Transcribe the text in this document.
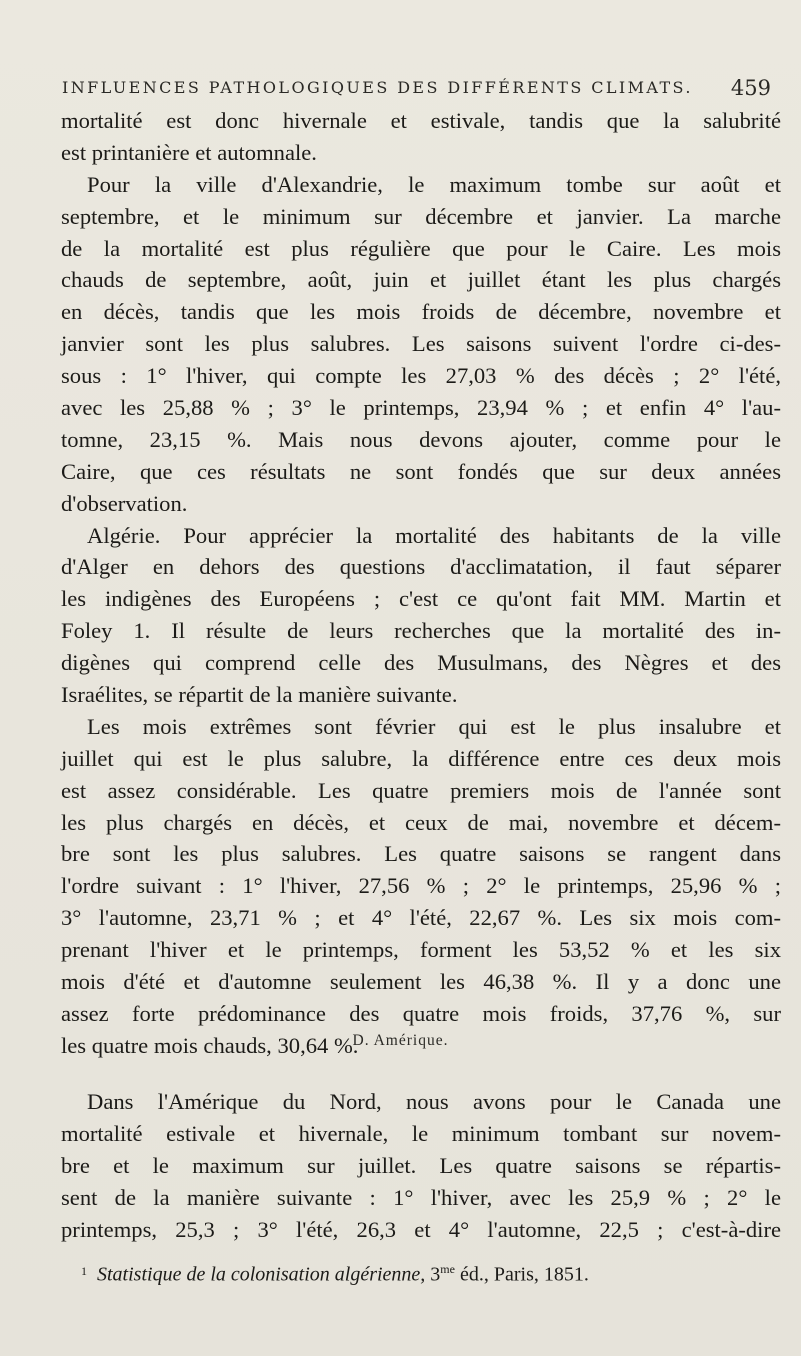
INFLUENCES PATHOLOGIQUES DES DIFFÉRENTS CLIMATS. 459
mortalité est donc hivernale et estivale, tandis que la salubrité
est printanière et automnale.
Pour la ville d'Alexandrie, le maximum tombe sur août et
septembre, et le minimum sur décembre et janvier. La marche
de la mortalité est plus régulière que pour le Caire. Les mois
chauds de septembre, août, juin et juillet étant les plus chargés
en décès, tandis que les mois froids de décembre, novembre et
janvier sont les plus salubres. Les saisons suivent l'ordre ci-des-
sous : 1° l'hiver, qui compte les 27,03 % des décès ; 2° l'été,
avec les 25,88 % ; 3° le printemps, 23,94 % ; et enfin 4° l'au-
tomne, 23,15 %. Mais nous devons ajouter, comme pour le
Caire, que ces résultats ne sont fondés que sur deux années
d'observation.
Algérie. Pour apprécier la mortalité des habitants de la ville
d'Alger en dehors des questions d'acclimatation, il faut séparer
les indigènes des Européens ; c'est ce qu'ont fait MM. Martin et
Foley 1. Il résulte de leurs recherches que la mortalité des in-
digènes qui comprend celle des Musulmans, des Nègres et des
Israélites, se répartit de la manière suivante.
Les mois extrêmes sont février qui est le plus insalubre et
juillet qui est le plus salubre, la différence entre ces deux mois
est assez considérable. Les quatre premiers mois de l'année sont
les plus chargés en décès, et ceux de mai, novembre et décem-
bre sont les plus salubres. Les quatre saisons se rangent dans
l'ordre suivant : 1° l'hiver, 27,56 % ; 2° le printemps, 25,96 % ;
3° l'automne, 23,71 % ; et 4° l'été, 22,67 %. Les six mois com-
prenant l'hiver et le printemps, forment les 53,52 % et les six
mois d'été et d'automne seulement les 46,38 %. Il y a donc une
assez forte prédominance des quatre mois froids, 37,76 %, sur
les quatre mois chauds, 30,64 %.
D. Amérique.
Dans l'Amérique du Nord, nous avons pour le Canada une
mortalité estivale et hivernale, le minimum tombant sur novem-
bre et le maximum sur juillet. Les quatre saisons se répartis-
sent de la manière suivante : 1° l'hiver, avec les 25,9 % ; 2° le
printemps, 25,3 ; 3° l'été, 26,3 et 4° l'automne, 22,5 ; c'est-à-dire
$^1$ Statistique de la colonisation algérienne, $3^{me}$ éd., Paris, 1851.
